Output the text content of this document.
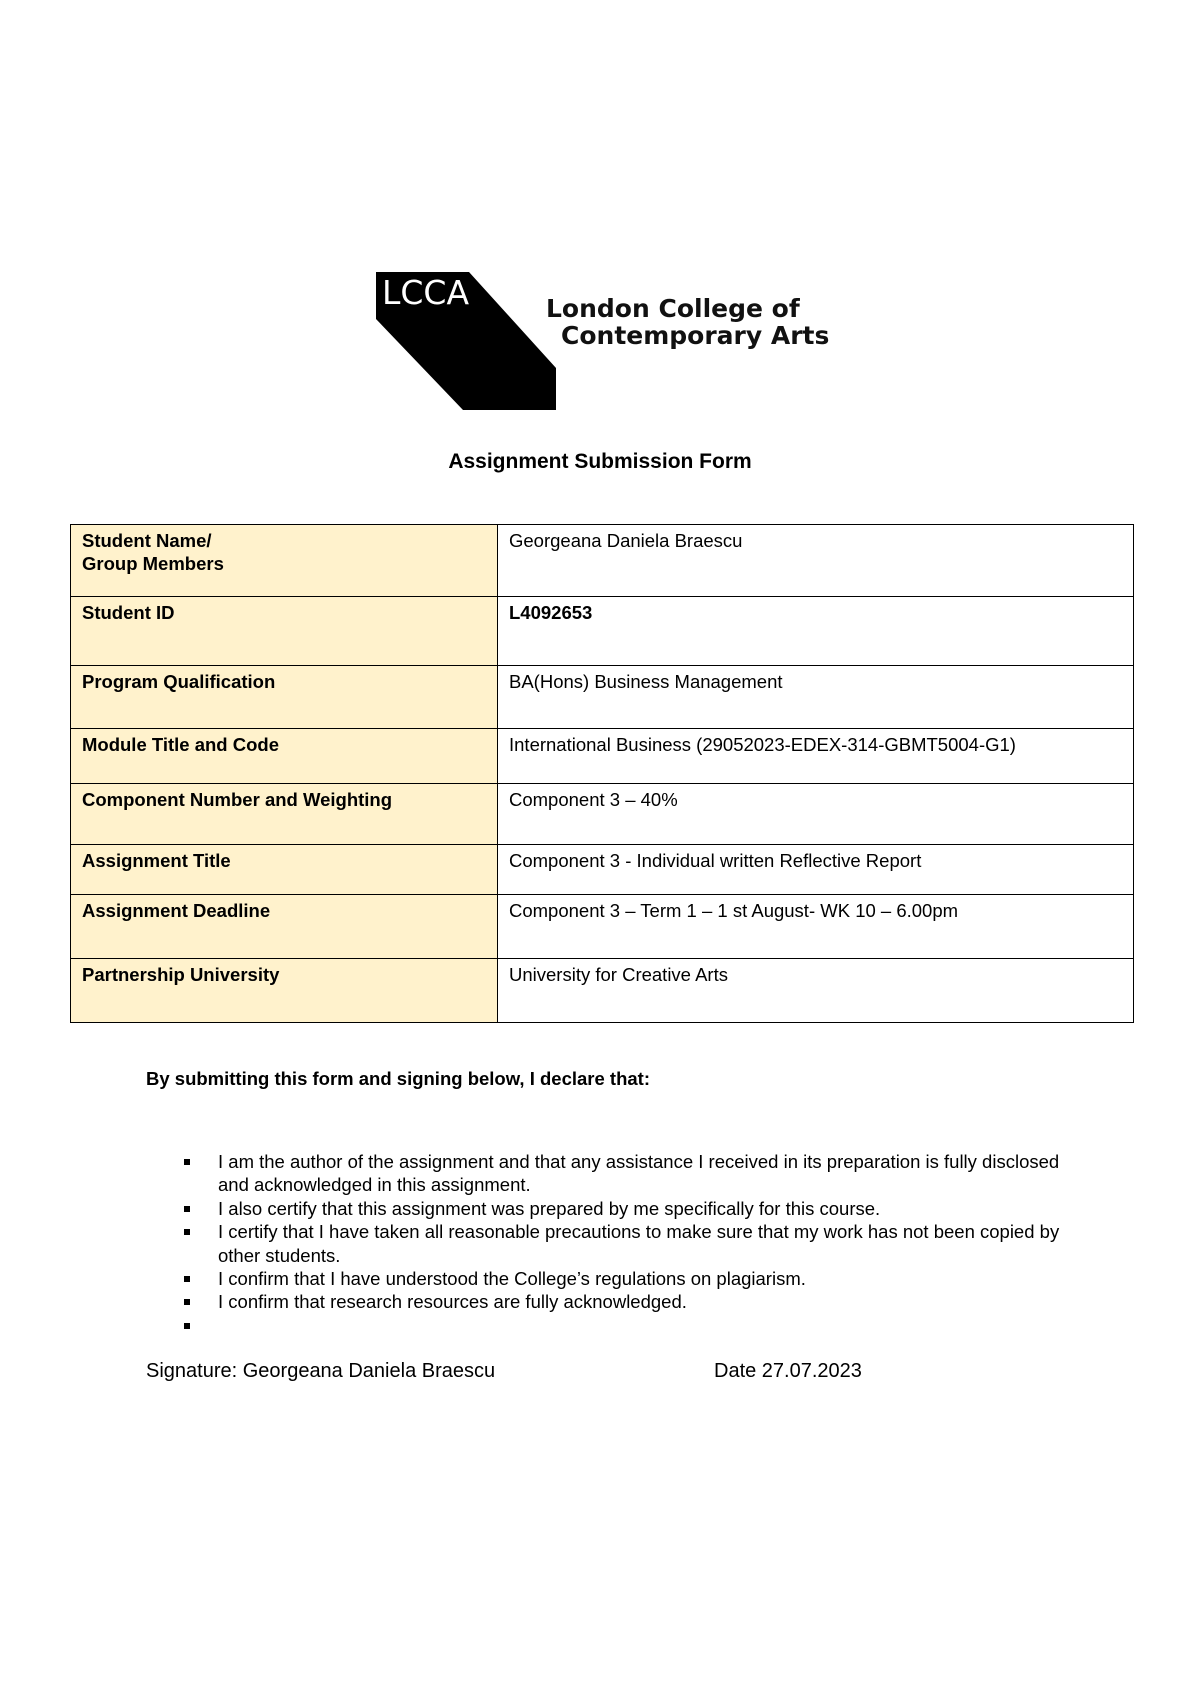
LCCA	London College of
Contemporary Arts
Assignment Submission Form
Student Name/
Group Members	Georgeana Daniela Braescu
Student ID	L4092653
Program Qualification	BA(Hons) Business Management
Module Title and Code	International Business (29052023-EDEX-314-GBMT5004-G1)
Component Number and Weighting	Component 3 – 40%
Assignment Title	Component 3 - Individual written Reflective Report
Assignment Deadline	Component 3 – Term 1 – 1 st August- WK 10 – 6.00pm
Partnership University	University for Creative Arts

By submitting this form and signing below, I declare that:

I am the author of the assignment and that any assistance I received in its preparation is fully disclosed and acknowledged in this assignment.
I also certify that this assignment was prepared by me specifically for this course.
I certify that I have taken all reasonable precautions to make sure that my work has not been copied by other students.
I confirm that I have understood the College’s regulations on plagiarism.
I confirm that research resources are fully acknowledged.

Signature: Georgeana Daniela Braescu	Date 27.07.2023
